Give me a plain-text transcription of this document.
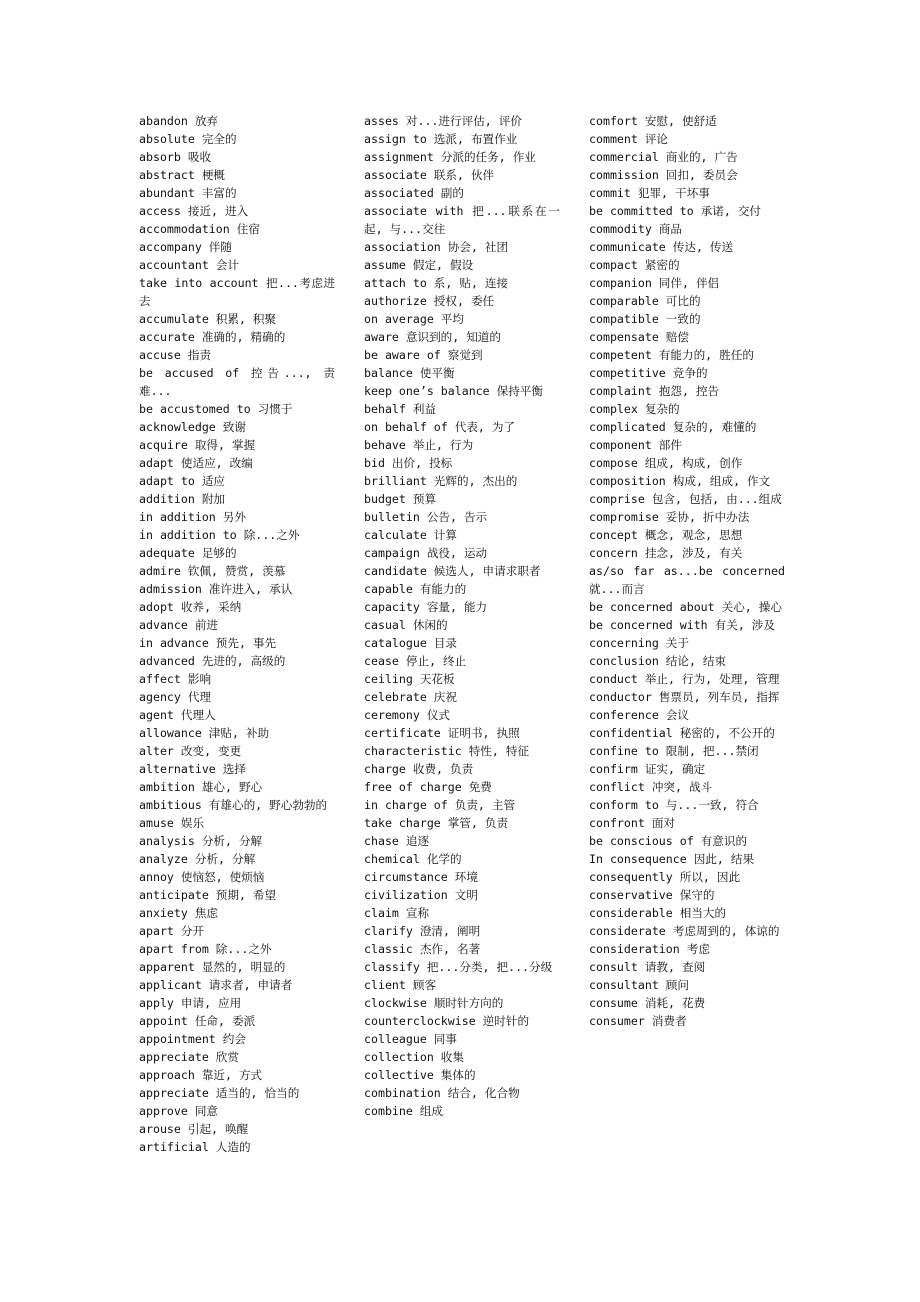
abandon 放弃

absolute 完全的

absorb 吸收

abstract 梗概

abundant 丰富的

access 接近, 进入

accommodation 住宿

accompany 伴随

accountant 会计

take into account 把...考虑进去

accumulate 积累, 积聚

accurate 准确的, 精确的

accuse 指责

be accused of 控告..., 责难...

be accustomed to 习惯于

acknowledge 致谢

acquire 取得, 掌握

adapt 使适应, 改编

adapt to 适应

addition 附加

in addition 另外

in addition to 除...之外

adequate 足够的

admire 钦佩, 赞赏, 羡慕

admission 准许进入, 承认

adopt 收养, 采纳

advance 前进

in advance 预先, 事先

advanced 先进的, 高级的

affect 影响

agency 代理

agent 代理人

allowance 津贴, 补助

alter 改变, 变更

alternative 选择

ambition 雄心, 野心

ambitious 有雄心的, 野心勃勃的

amuse 娱乐

analysis 分析, 分解

analyze 分析, 分解

annoy 使恼怒, 使烦恼

anticipate 预期, 希望

anxiety 焦虑

apart 分开

apart from 除...之外

apparent 显然的, 明显的

applicant 请求者, 申请者

apply 申请, 应用

appoint 任命, 委派

appointment 约会

appreciate 欣赏

approach 靠近, 方式

appreciate 适当的, 恰当的

approve 同意

arouse 引起, 唤醒

artificial 人造的

asses 对...进行评估, 评价

assign to 选派, 布置作业

assignment 分派的任务, 作业

associate 联系, 伙伴

associated 副的

associate with 把...联系在一起, 与...交往

association 协会, 社团

assume 假定, 假设

attach to 系, 贴, 连接

authorize 授权, 委任

on average 平均

aware 意识到的, 知道的

be aware of 察觉到

balance 使平衡

keep one’s balance 保持平衡

behalf 利益

on behalf of 代表, 为了

behave 举止, 行为

bid 出价, 投标

brilliant 光辉的, 杰出的

budget 预算

bulletin 公告, 告示

calculate 计算

campaign 战役, 运动

candidate 候选人, 申请求职者

capable 有能力的

capacity 容量, 能力

casual 休闲的

catalogue 目录

cease 停止, 终止

ceiling 天花板

celebrate 庆祝

ceremony 仪式

certificate 证明书, 执照

characteristic 特性, 特征

charge 收费, 负责

free of charge 免费

in charge of 负责, 主管

take charge 掌管, 负责

chase 追逐

chemical 化学的

circumstance 环境

civilization 文明

claim 宣称

clarify 澄清, 阐明

classic 杰作, 名著

classify 把...分类, 把...分级

client 顾客

clockwise 顺时针方向的

counterclockwise 逆时针的

colleague 同事

collection 收集

collective 集体的

combination 结合, 化合物

combine 组成

comfort 安慰, 使舒适

comment 评论

commercial 商业的, 广告

commission 回扣, 委员会

commit 犯罪, 干坏事

be committed to 承诺, 交付

commodity 商品

communicate 传达, 传送

compact 紧密的

companion 同伴, 伴侣

comparable 可比的

compatible 一致的

compensate 赔偿

competent 有能力的, 胜任的

competitive 竞争的

complaint 抱怨, 控告

complex 复杂的

complicated 复杂的, 难懂的

component 部件

compose 组成, 构成, 创作

composition 构成, 组成, 作文

comprise 包含, 包括, 由...组成

compromise 妥协, 折中办法

concept 概念, 观念, 思想

concern 挂念, 涉及, 有关

as/so far as...be concerned 就...而言

be concerned about 关心, 操心

be concerned with 有关, 涉及

concerning 关于

conclusion 结论, 结束

conduct 举止, 行为, 处理, 管理

conductor 售票员, 列车员, 指挥

conference 会议

confidential 秘密的, 不公开的

confine to 限制, 把...禁闭

confirm 证实, 确定

conflict 冲突, 战斗

conform to 与...一致, 符合

confront 面对

be conscious of 有意识的

In consequence 因此, 结果

consequently 所以, 因此

conservative 保守的

considerable 相当大的

considerate 考虑周到的, 体谅的

consideration 考虑

consult 请教, 查阅

consultant 顾问

consume 消耗, 花费

consumer 消费者
